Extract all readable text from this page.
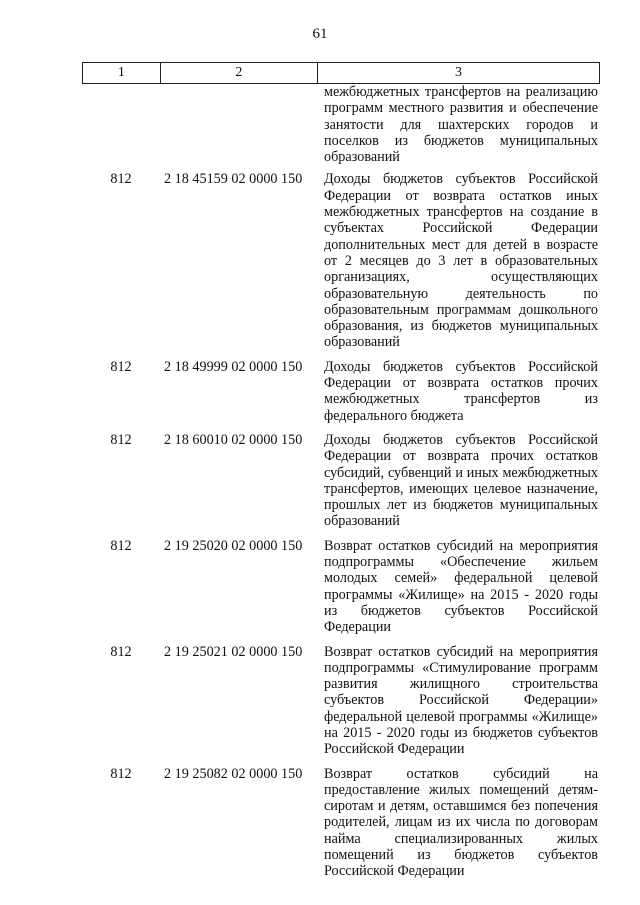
61
1	2	3
межбюджетных трансфертов на реализацию программ местного развития и обеспечение занятости для шахтерских городов и поселков из бюджетов муниципальных образований
812	2 18 45159 02 0000 150	Доходы бюджетов субъектов Российской Федерации от возврата остатков иных межбюджетных трансфертов на создание в субъектах Российской Федерации дополнительных мест для детей в возрасте от 2 месяцев до 3 лет в образовательных организациях, осуществляющих образовательную деятельность по образовательным программам дошкольного образования, из бюджетов муниципальных образований
812	2 18 49999 02 0000 150	Доходы бюджетов субъектов Российской Федерации от возврата остатков прочих межбюджетных трансфертов из федерального бюджета
812	2 18 60010 02 0000 150	Доходы бюджетов субъектов Российской Федерации от возврата прочих остатков субсидий, субвенций и иных межбюджетных трансфертов, имеющих целевое назначение, прошлых лет из бюджетов муниципальных образований
812	2 19 25020 02 0000 150	Возврат остатков субсидий на мероприятия подпрограммы «Обеспечение жильем молодых семей» федеральной целевой программы «Жилище» на 2015 - 2020 годы из бюджетов субъектов Российской Федерации
812	2 19 25021 02 0000 150	Возврат остатков субсидий на мероприятия подпрограммы «Стимулирование программ развития жилищного строительства субъектов Российской Федерации» федеральной целевой программы «Жилище» на 2015 - 2020 годы из бюджетов субъектов Российской Федерации
812	2 19 25082 02 0000 150	Возврат остатков субсидий на предоставление жилых помещений детям-сиротам и детям, оставшимся без попечения родителей, лицам из их числа по договорам найма специализированных жилых помещений из бюджетов субъектов Российской Федерации
